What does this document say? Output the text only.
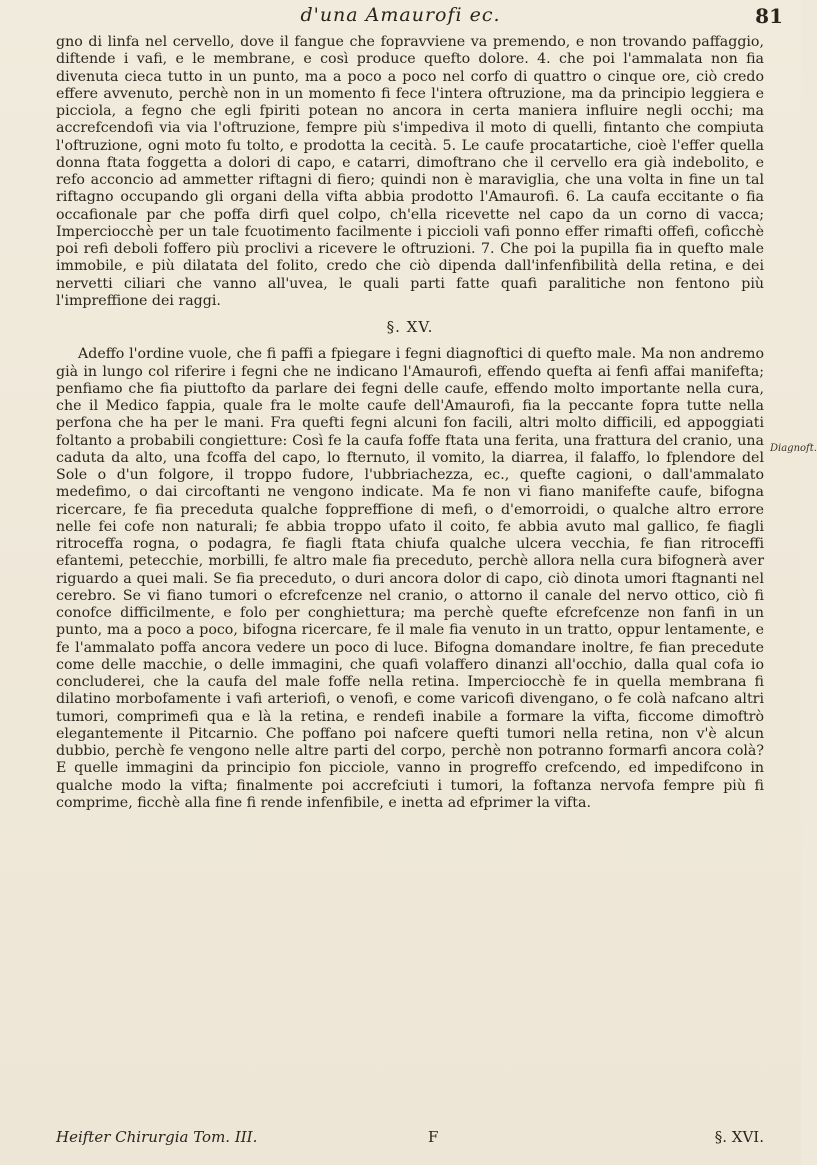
d'una Amaurofi ec.	81

gno di linfa nel cervello, dove il fangue che fopravviene va premendo, e non trovando paffaggio, diftende i vafi, e le membrane, e così produce quefto dolore. 4. che poi l'ammalata non fia divenuta cieca tutto in un punto, ma a poco a poco nel corfo di quattro o cinque ore, ciò credo effere avvenuto, perchè non in un momento fi fece l'intera oftruzione, ma da principio leggiera e picciola, a fegno che egli fpiriti potean no ancora in certa maniera influire negli occhi; ma accrefcendofi via via l'oftruzione, fempre più s'impediva il moto di quelli, fintanto che compiuta l'oftruzione, ogni moto fu tolto, e prodotta la cecità. 5. Le caufe procatartiche, cioè l'effer quella donna ftata foggetta a dolori di capo, e catarri, dimoftrano che il cervello era già indebolito, e refo acconcio ad ammetter riftagni di fiero; quindi non è maraviglia, che una volta in fine un tal riftagno occupando gli organi della vifta abbia prodotto l'Amaurofi. 6. La caufa eccitante o fia occafionale par che poffa dirfi quel colpo, ch'ella ricevette nel capo da un corno di vacca; Imperciocchè per un tale fcuotimento facilmente i piccioli vafi ponno effer rimafti offefi, cofìcchè poi refi deboli foffero più proclivi a ricevere le oftruzioni. 7. Che poi la pupilla fia in quefto male immobile, e più dilatata del folito, credo che ciò dipenda dall'infenfibilità della retina, e dei nervetti ciliari che vanno all'uvea, le quali parti fatte quafi paralitiche non fentono più l'impreffione dei raggi.

§. XV.

Adeffo l'ordine vuole, che fi paffi a fpiegare i fegni diagnoftici di quefto male. Ma non andremo già in lungo col riferire i fegni che ne indicano l'Amaurofi, effendo quefta ai fenfi affai manifefta; penfiamo che fia piuttofto da parlare dei fegni delle caufe, effendo molto importante nella cura, che il Medico fappia, quale fra le molte caufe dell'Amaurofi, fia la peccante fopra tutte nella perfona che ha per le mani. Fra quefti fegni alcuni fon facili, altri molto difficili, ed appoggiati foltanto a probabili congietture: Così fe la caufa foffe ftata una ferita, una frattura del cranio, una caduta da alto, una fcoffa del capo, lo fternuto, il vomito, la diarrea, il falaffo, lo fplendore del Sole o d'un folgore, il troppo fudore, l'ubbriachezza, ec., quefte cagioni, o dall'ammalato medefimo, o dai circoftanti ne vengono indicate. Ma fe non vi fiano manifefte caufe, bifogna ricercare, fe fia preceduta qualche foppreffione di mefi, o d'emorroidi, o qualche altro errore nelle fei cofe non naturali; fe abbia troppo ufato il coito, fe abbia avuto mal gallico, fe fiagli ritroceffa rogna, o podagra, fe fiagli ftata chiufa qualche ulcera vecchia, fe fian ritroceffi efantemi, petecchie, morbilli, fe altro male fia preceduto, perchè allora nella cura bifognerà aver riguardo a quei mali. Se fia preceduto, o duri ancora dolor di capo, ciò dinota umori ftagnanti nel cerebro. Se vi fiano tumori o efcrefcenze nel cranio, o attorno il canale del nervo ottico, ciò fi conofce difficilmente, e folo per conghiettura; ma perchè quefte efcrefcenze non fanfi in un punto, ma a poco a poco, bifogna ricercare, fe il male fia venuto in un tratto, oppur lentamente, e fe l'ammalato poffa ancora vedere un poco di luce. Bifogna domandare inoltre, fe fian precedute come delle macchie, o delle immagini, che quafi volaffero dinanzi all'occhio, dalla qual cofa io concluderei, che la caufa del male foffe nella retina. Imperciocchè fe in quella membrana fi dilatino morbofamente i vafi arteriofi, o venofi, e come varicofi divengano, o fe colà nafcano altri tumori, comprimefi qua e là la retina, e rendefi inabile a formare la vifta, ficcome dimoftrò elegantemente il Pitcarnio. Che poffano poi nafcere quefti tumori nella retina, non v'è alcun dubbio, perchè fe vengono nelle altre parti del corpo, perchè non potranno formarfi ancora colà? E quelle immagini da principio fon picciole, vanno in progreffo crefcendo, ed impedifcono in qualche modo la vifta; finalmente poi accrefciuti i tumori, la foftanza nervofa fempre più fi comprime, ficchè alla fine fi rende infenfibile, e inetta ad efprimer la vifta.

Diagnoft.
Heifter Chirurgia Tom. III.	F	§. XVI.
